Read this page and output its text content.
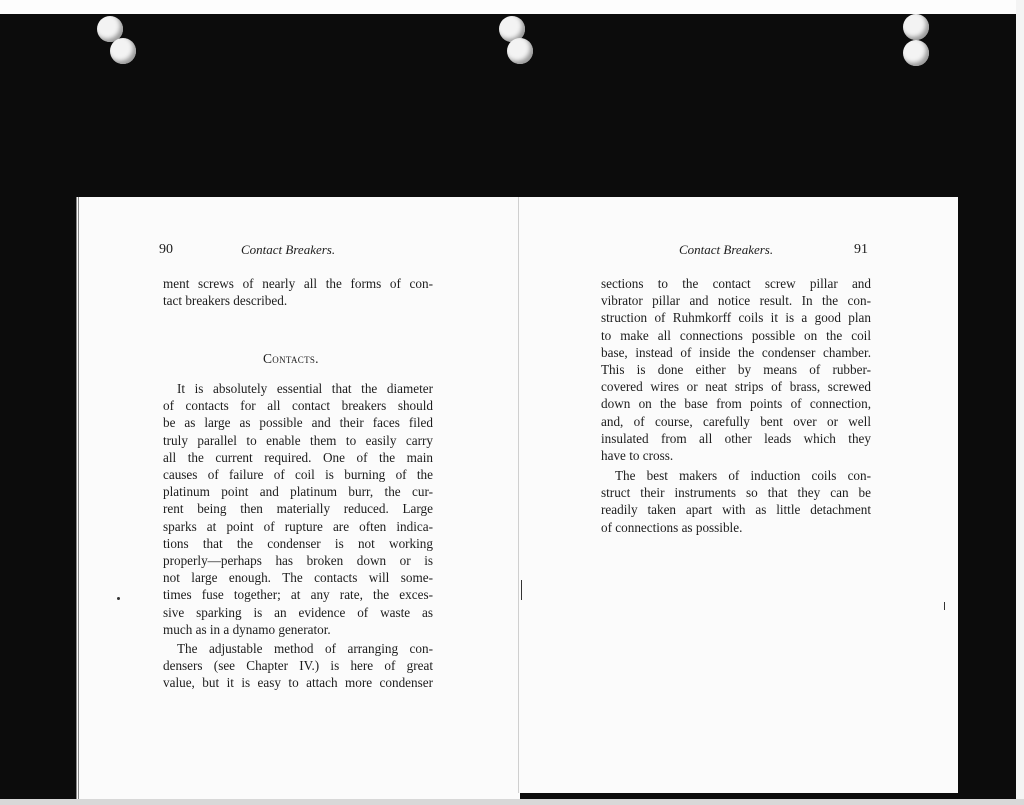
90	Contact Breakers.

ment screws of nearly all the forms of con-

tact breakers described.

Contacts.

It is absolutely essential that the diameter

of contacts for all contact breakers should

be as large as possible and their faces filed

truly parallel to enable them to easily carry

all the current required. One of the main

causes of failure of coil is burning of the

platinum point and platinum burr, the cur-

rent being then materially reduced. Large

sparks at point of rupture are often indica-

tions that the condenser is not working

properly—perhaps has broken down or is

not large enough. The contacts will some-

times fuse together; at any rate, the exces-

sive sparking is an evidence of waste as

much as in a dynamo generator.

The adjustable method of arranging con-

densers (see Chapter IV.) is here of great

value, but it is easy to attach more condenser

Contact Breakers.	91

sections to the contact screw pillar and

vibrator pillar and notice result. In the con-

struction of Ruhmkorff coils it is a good plan

to make all connections possible on the coil

base, instead of inside the condenser chamber.

This is done either by means of rubber-

covered wires or neat strips of brass, screwed

down on the base from points of connection,

and, of course, carefully bent over or well

insulated from all other leads which they

have to cross.

The best makers of induction coils con-

struct their instruments so that they can be

readily taken apart with as little detachment

of connections as possible.
